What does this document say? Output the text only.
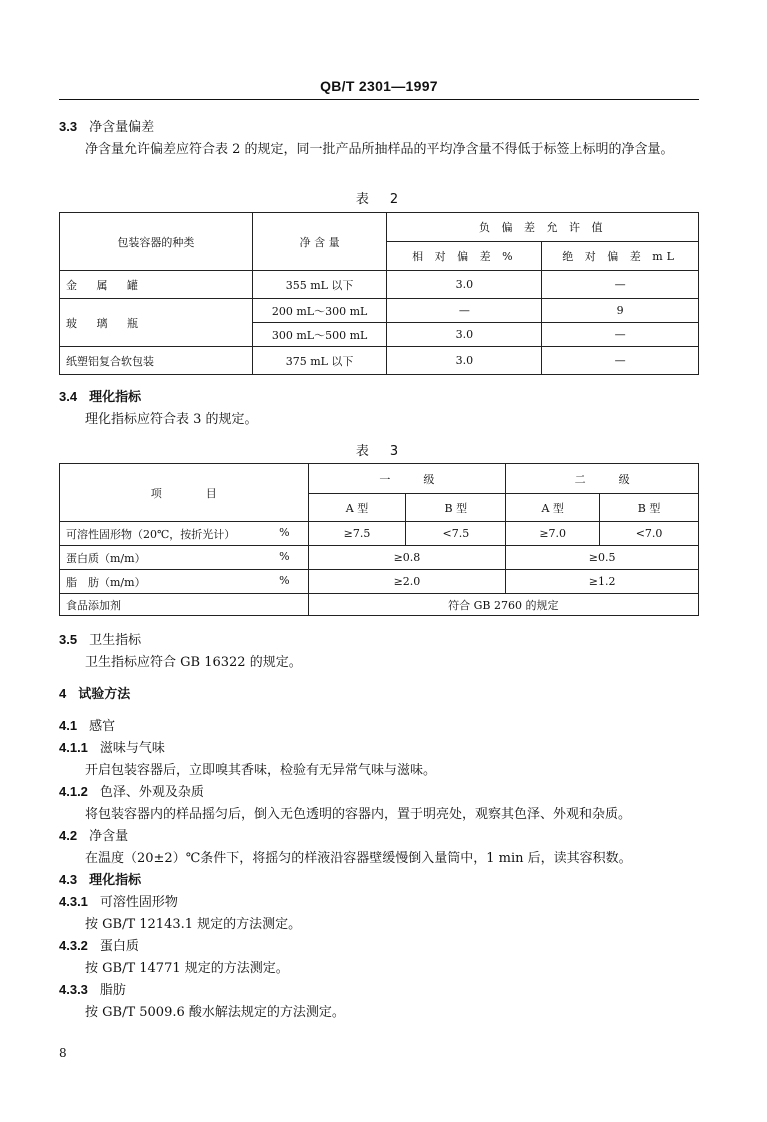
QB/T 2301—1997
3.3 净含量偏差
净含量允许偏差应符合表 2 的规定，同一批产品所抽样品的平均净含量不得低于标签上标明的净含量。
表　2
包装容器的种类	净 含 量	负 偏 差 允 许 值	
		相 对 偏 差 %	绝 对 偏 差 mL
金 属 罐	355 mL 以下	3.0	—
玻 璃 瓶	200 mL～300 mL	—	9
	300 mL～500 mL	3.0	—
纸塑铝复合软包装	375 mL 以下	3.0	—
3.4 理化指标
理化指标应符合表 3 的规定。
表　3
项　　　　目	一　　　级		二　　　级	
	A 型	B 型	A 型	B 型
可溶性固形物（20℃，按折光计） %	≥7.5	<7.5	≥7.0	<7.0
蛋白质（m/m） %	≥0.8		≥0.5	
脂　肪（m/m） %	≥2.0		≥1.2	
食品添加剂	符合 GB 2760 的规定			
3.5 卫生指标
卫生指标应符合 GB 16322 的规定。
4 试验方法
4.1 感官
4.1.1 滋味与气味
开启包装容器后，立即嗅其香味，检验有无异常气味与滋味。
4.1.2 色泽、外观及杂质
将包装容器内的样品摇匀后，倒入无色透明的容器内，置于明亮处，观察其色泽、外观和杂质。
4.2 净含量
在温度（20±2）℃条件下，将摇匀的样液沿容器壁缓慢倒入量筒中，1 min 后，读其容积数。
4.3 理化指标
4.3.1 可溶性固形物
按 GB/T 12143.1 规定的方法测定。
4.3.2 蛋白质
按 GB/T 14771 规定的方法测定。
4.3.3 脂肪
按 GB/T 5009.6 酸水解法规定的方法测定。
8
